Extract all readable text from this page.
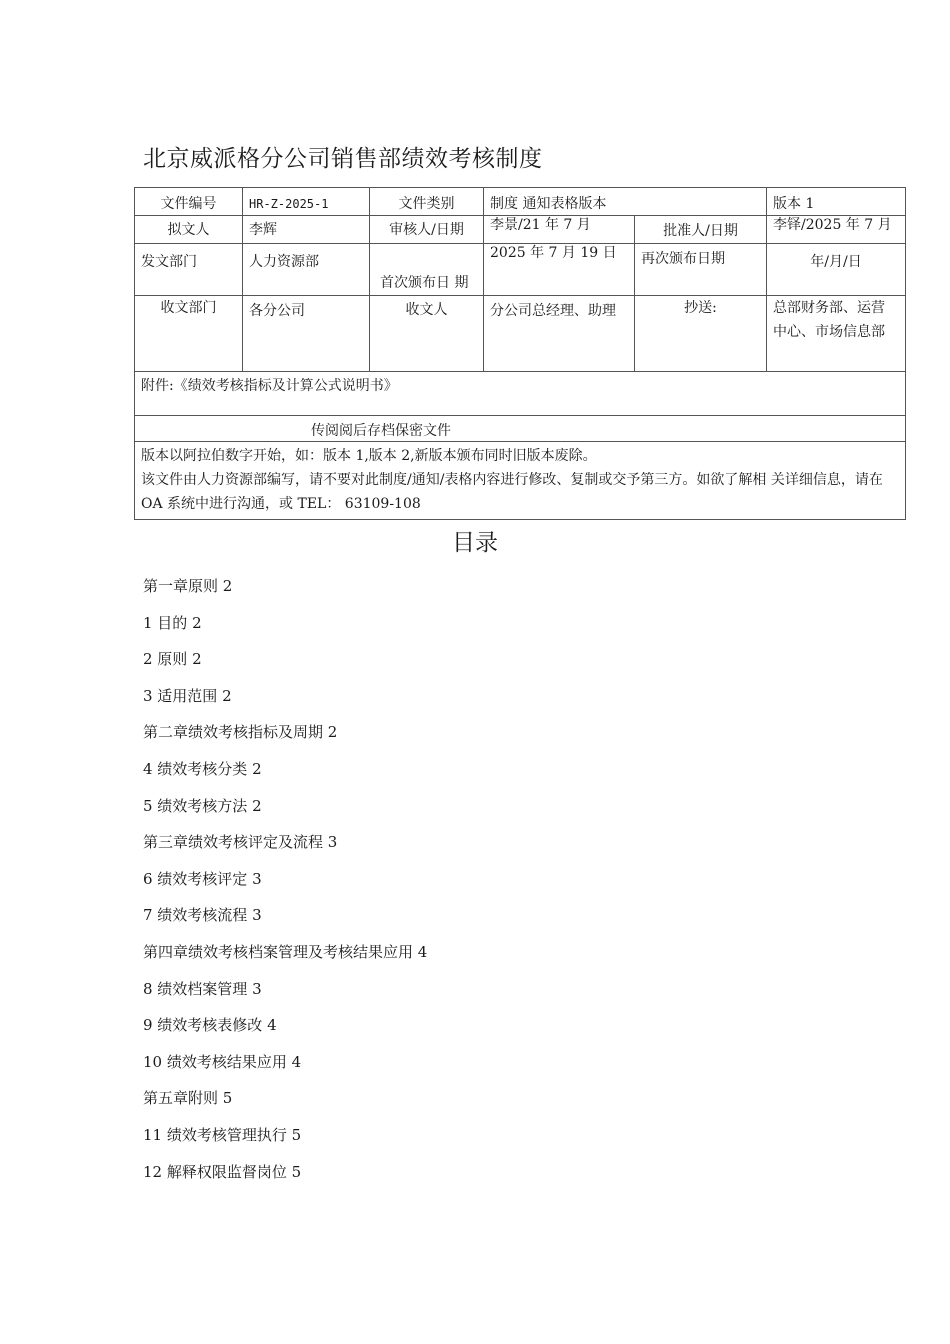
北京威派格分公司销售部绩效考核制度
文件编号	HR-Z-2025-1	文件类别	制度 通知表格版本		版本 1
拟文人	李辉	审核人/日期	李景/21 年 7 月	批准人/日期	李铎/2025 年 7 月
发文部门	人力资源部	首次颁布日 期	2025 年 7 月 19 日	再次颁布日期	年/月/日
收文部门	各分公司	收文人	分公司总经理、助理	抄送:	总部财务部、运营中心、市场信息部
附件:《绩效考核指标及计算公式说明书》					
传阅阅后存档保密文件					

版本以阿拉伯数字开始，如：版本 1,版本 2,新版本颁布同时旧版本废除。
该文件由人力资源部编写，请不要对此制度/通知/表格内容进行修改、复制或交予第三方。如欲了解相 关详细信息，请在 OA 系统中进行沟通，或 TEL： 63109-108					
目录
第一章原则 2
1 目的 2
2 原则 2
3 适用范围 2
第二章绩效考核指标及周期 2
4 绩效考核分类 2
5 绩效考核方法 2
第三章绩效考核评定及流程 3
6 绩效考核评定 3
7 绩效考核流程 3
第四章绩效考核档案管理及考核结果应用 4
8 绩效档案管理 3
9 绩效考核表修改 4
10 绩效考核结果应用 4
第五章附则 5
11 绩效考核管理执行 5
12 解释权限监督岗位 5
